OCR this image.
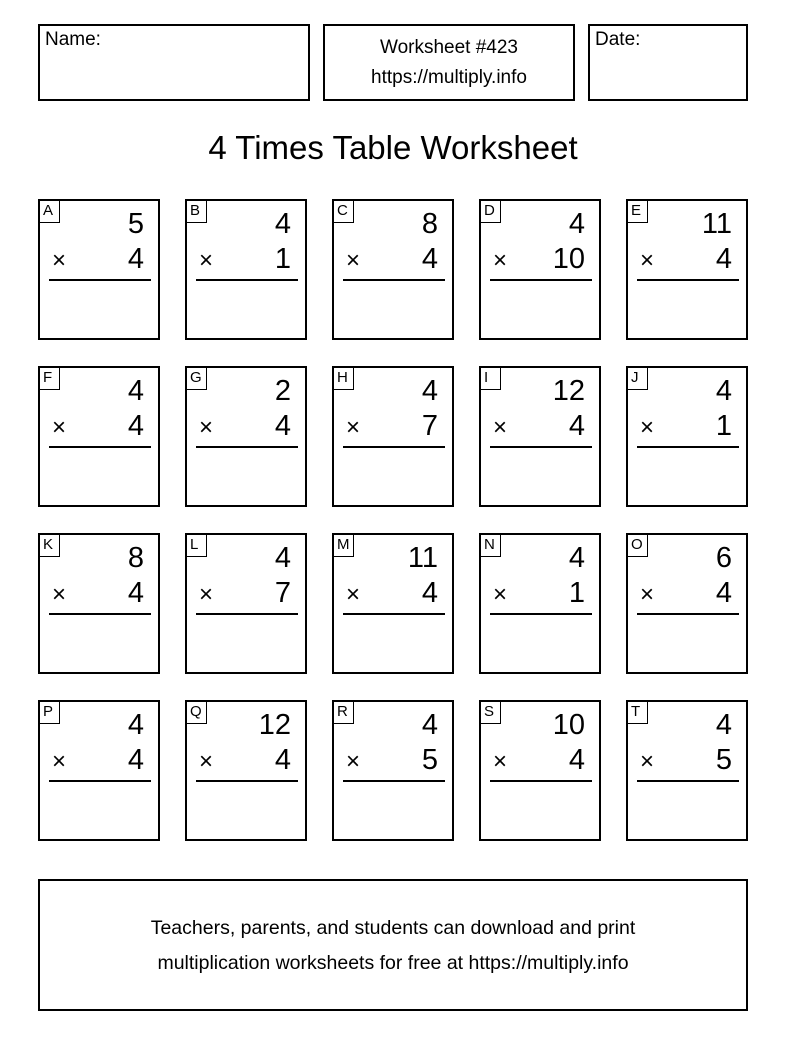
Name:	Worksheet #423
https://multiply.info
Date:
4 Times Table Worksheet
A	5
× 4
B	4
× 1
C	8
× 4
D	4
× 10
E 11
× 4
F	4
× 4
G	2
× 4
H	4
× 7
I	12
× 4
J	4
× 1
K	8
× 4
L	4
× 7
M 11
× 4
N	4
× 1
O	6
× 4
P	4
× 4
Q 12
× 4
R	4
× 5
S 10
× 4
T	4
× 5
Teachers, parents, and students can download and print
multiplication worksheets for free at https://multiply.info
